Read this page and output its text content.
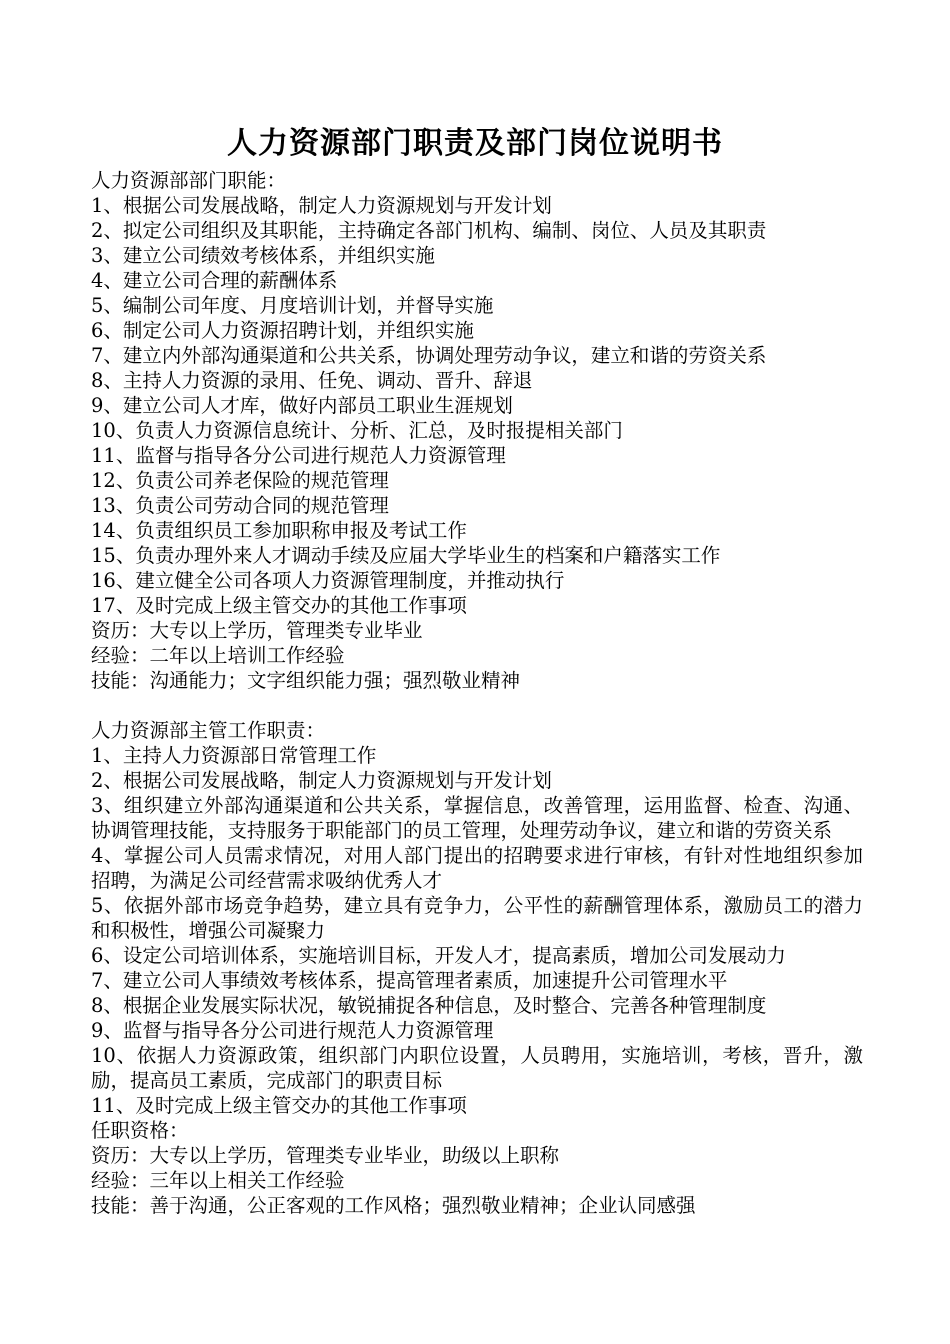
人力资源部门职责及部门岗位说明书
人力资源部部门职能：
1、根据公司发展战略，制定人力资源规划与开发计划
2、拟定公司组织及其职能，主持确定各部门机构、编制、岗位、人员及其职责
3、建立公司绩效考核体系，并组织实施
4、建立公司合理的薪酬体系
5、编制公司年度、月度培训计划，并督导实施
6、制定公司人力资源招聘计划，并组织实施
7、建立内外部沟通渠道和公共关系，协调处理劳动争议，建立和谐的劳资关系
8、主持人力资源的录用、任免、调动、晋升、辞退
9、建立公司人才库，做好内部员工职业生涯规划
10、负责人力资源信息统计、分析、汇总，及时报提相关部门
11、监督与指导各分公司进行规范人力资源管理
12、负责公司养老保险的规范管理
13、负责公司劳动合同的规范管理
14、负责组织员工参加职称申报及考试工作
15、负责办理外来人才调动手续及应届大学毕业生的档案和户籍落实工作
16、建立健全公司各项人力资源管理制度，并推动执行
17、及时完成上级主管交办的其他工作事项
资历：大专以上学历，管理类专业毕业
经验：二年以上培训工作经验
技能：沟通能力；文字组织能力强；强烈敬业精神
人力资源部主管工作职责：
1、主持人力资源部日常管理工作
2、根据公司发展战略，制定人力资源规划与开发计划
3、组织建立外部沟通渠道和公共关系，掌握信息，改善管理，运用监督、检查、沟通、协调管理技能，支持服务于职能部门的员工管理，处理劳动争议，建立和谐的劳资关系
4、掌握公司人员需求情况，对用人部门提出的招聘要求进行审核，有针对性地组织参加招聘，为满足公司经营需求吸纳优秀人才
5、依据外部市场竞争趋势，建立具有竞争力，公平性的薪酬管理体系，激励员工的潜力和积极性，增强公司凝聚力
6、设定公司培训体系，实施培训目标，开发人才，提高素质，增加公司发展动力
7、建立公司人事绩效考核体系，提高管理者素质，加速提升公司管理水平
8、根据企业发展实际状况，敏锐捕捉各种信息，及时整合、完善各种管理制度
9、监督与指导各分公司进行规范人力资源管理
10、依据人力资源政策，组织部门内职位设置，人员聘用，实施培训，考核，晋升，激励，提高员工素质，完成部门的职责目标
11、及时完成上级主管交办的其他工作事项
任职资格：
资历：大专以上学历，管理类专业毕业，助级以上职称
经验：三年以上相关工作经验
技能：善于沟通，公正客观的工作风格；强烈敬业精神；企业认同感强
